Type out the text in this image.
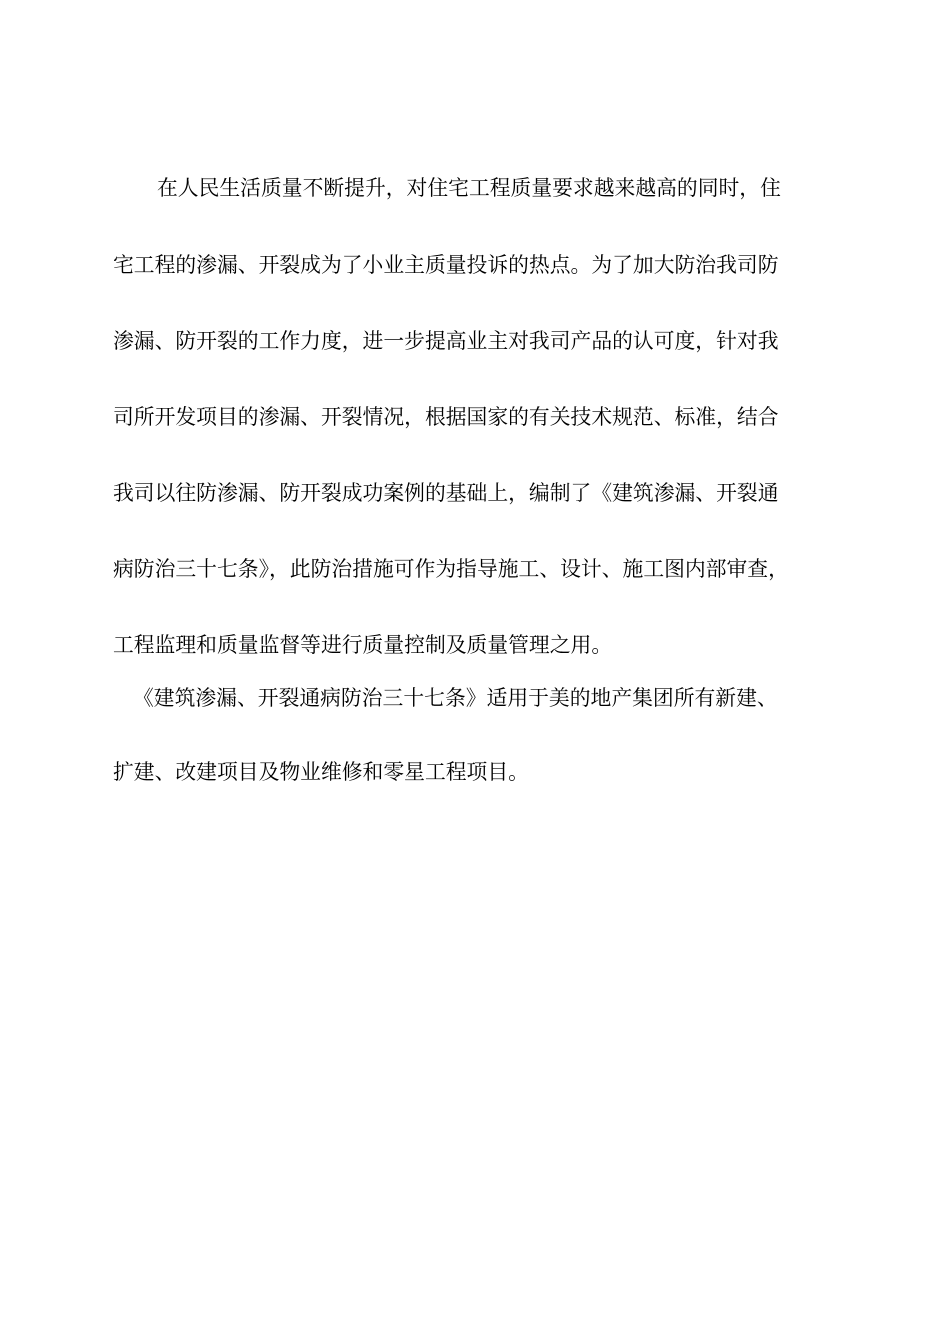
在人民生活质量不断提升，对住宅工程质量要求越来越高的同时，住
宅工程的渗漏、开裂成为了小业主质量投诉的热点。为了加大防治我司防
渗漏、防开裂的工作力度，进一步提高业主对我司产品的认可度，针对我
司所开发项目的渗漏、开裂情况，根据国家的有关技术规范、标准，结合
我司以往防渗漏、防开裂成功案例的基础上，编制了《建筑渗漏、开裂通
病防治三十七条》，此防治措施可作为指导施工、设计、施工图内部审查，
工程监理和质量监督等进行质量控制及质量管理之用。
《建筑渗漏、开裂通病防治三十七条》适用于美的地产集团所有新建、
扩建、改建项目及物业维修和零星工程项目。
